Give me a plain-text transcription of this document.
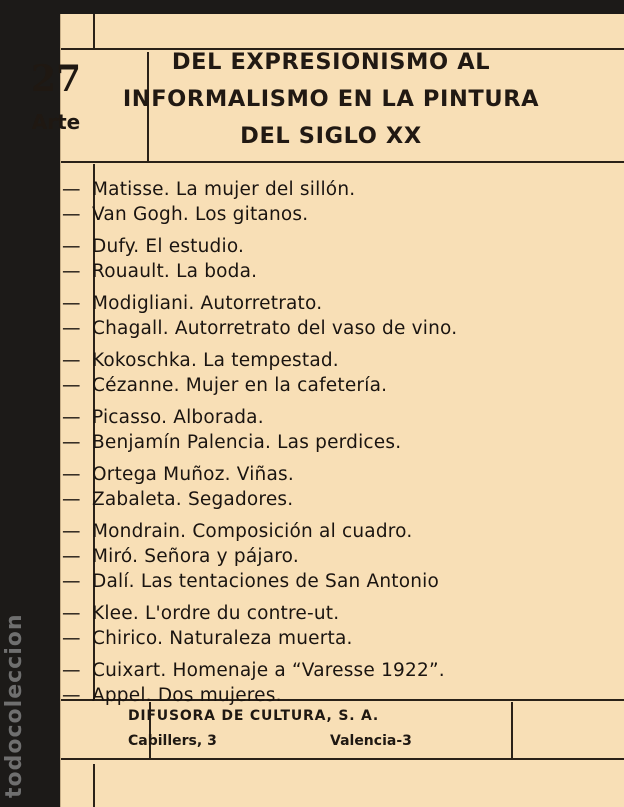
todocoleccion
27
Arte
DEL EXPRESIONISMO AL
INFORMALISMO EN LA PINTURA
DEL SIGLO XX
— Matisse. La mujer del sillón.
— Van Gogh. Los gitanos.
— Dufy. El estudio.
— Rouault. La boda.
— Modigliani. Autorretrato.
— Chagall. Autorretrato del vaso de vino.
— Kokoschka. La tempestad.
— Cézanne. Mujer en la cafetería.
— Picasso. Alborada.
— Benjamín Palencia. Las perdices.
— Ortega Muñoz. Viñas.
— Zabaleta. Segadores.
— Mondrain. Composición al cuadro.
— Miró. Señora y pájaro.
— Dalí. Las tentaciones de San Antonio
— Klee. L'ordre du contre-ut.
— Chirico. Naturaleza muerta.
— Cuixart. Homenaje a “Varesse 1922”.
— Appel. Dos mujeres.
DIFUSORA DE CULTURA, S. A.
Cabillers, 3	Valencia-3
